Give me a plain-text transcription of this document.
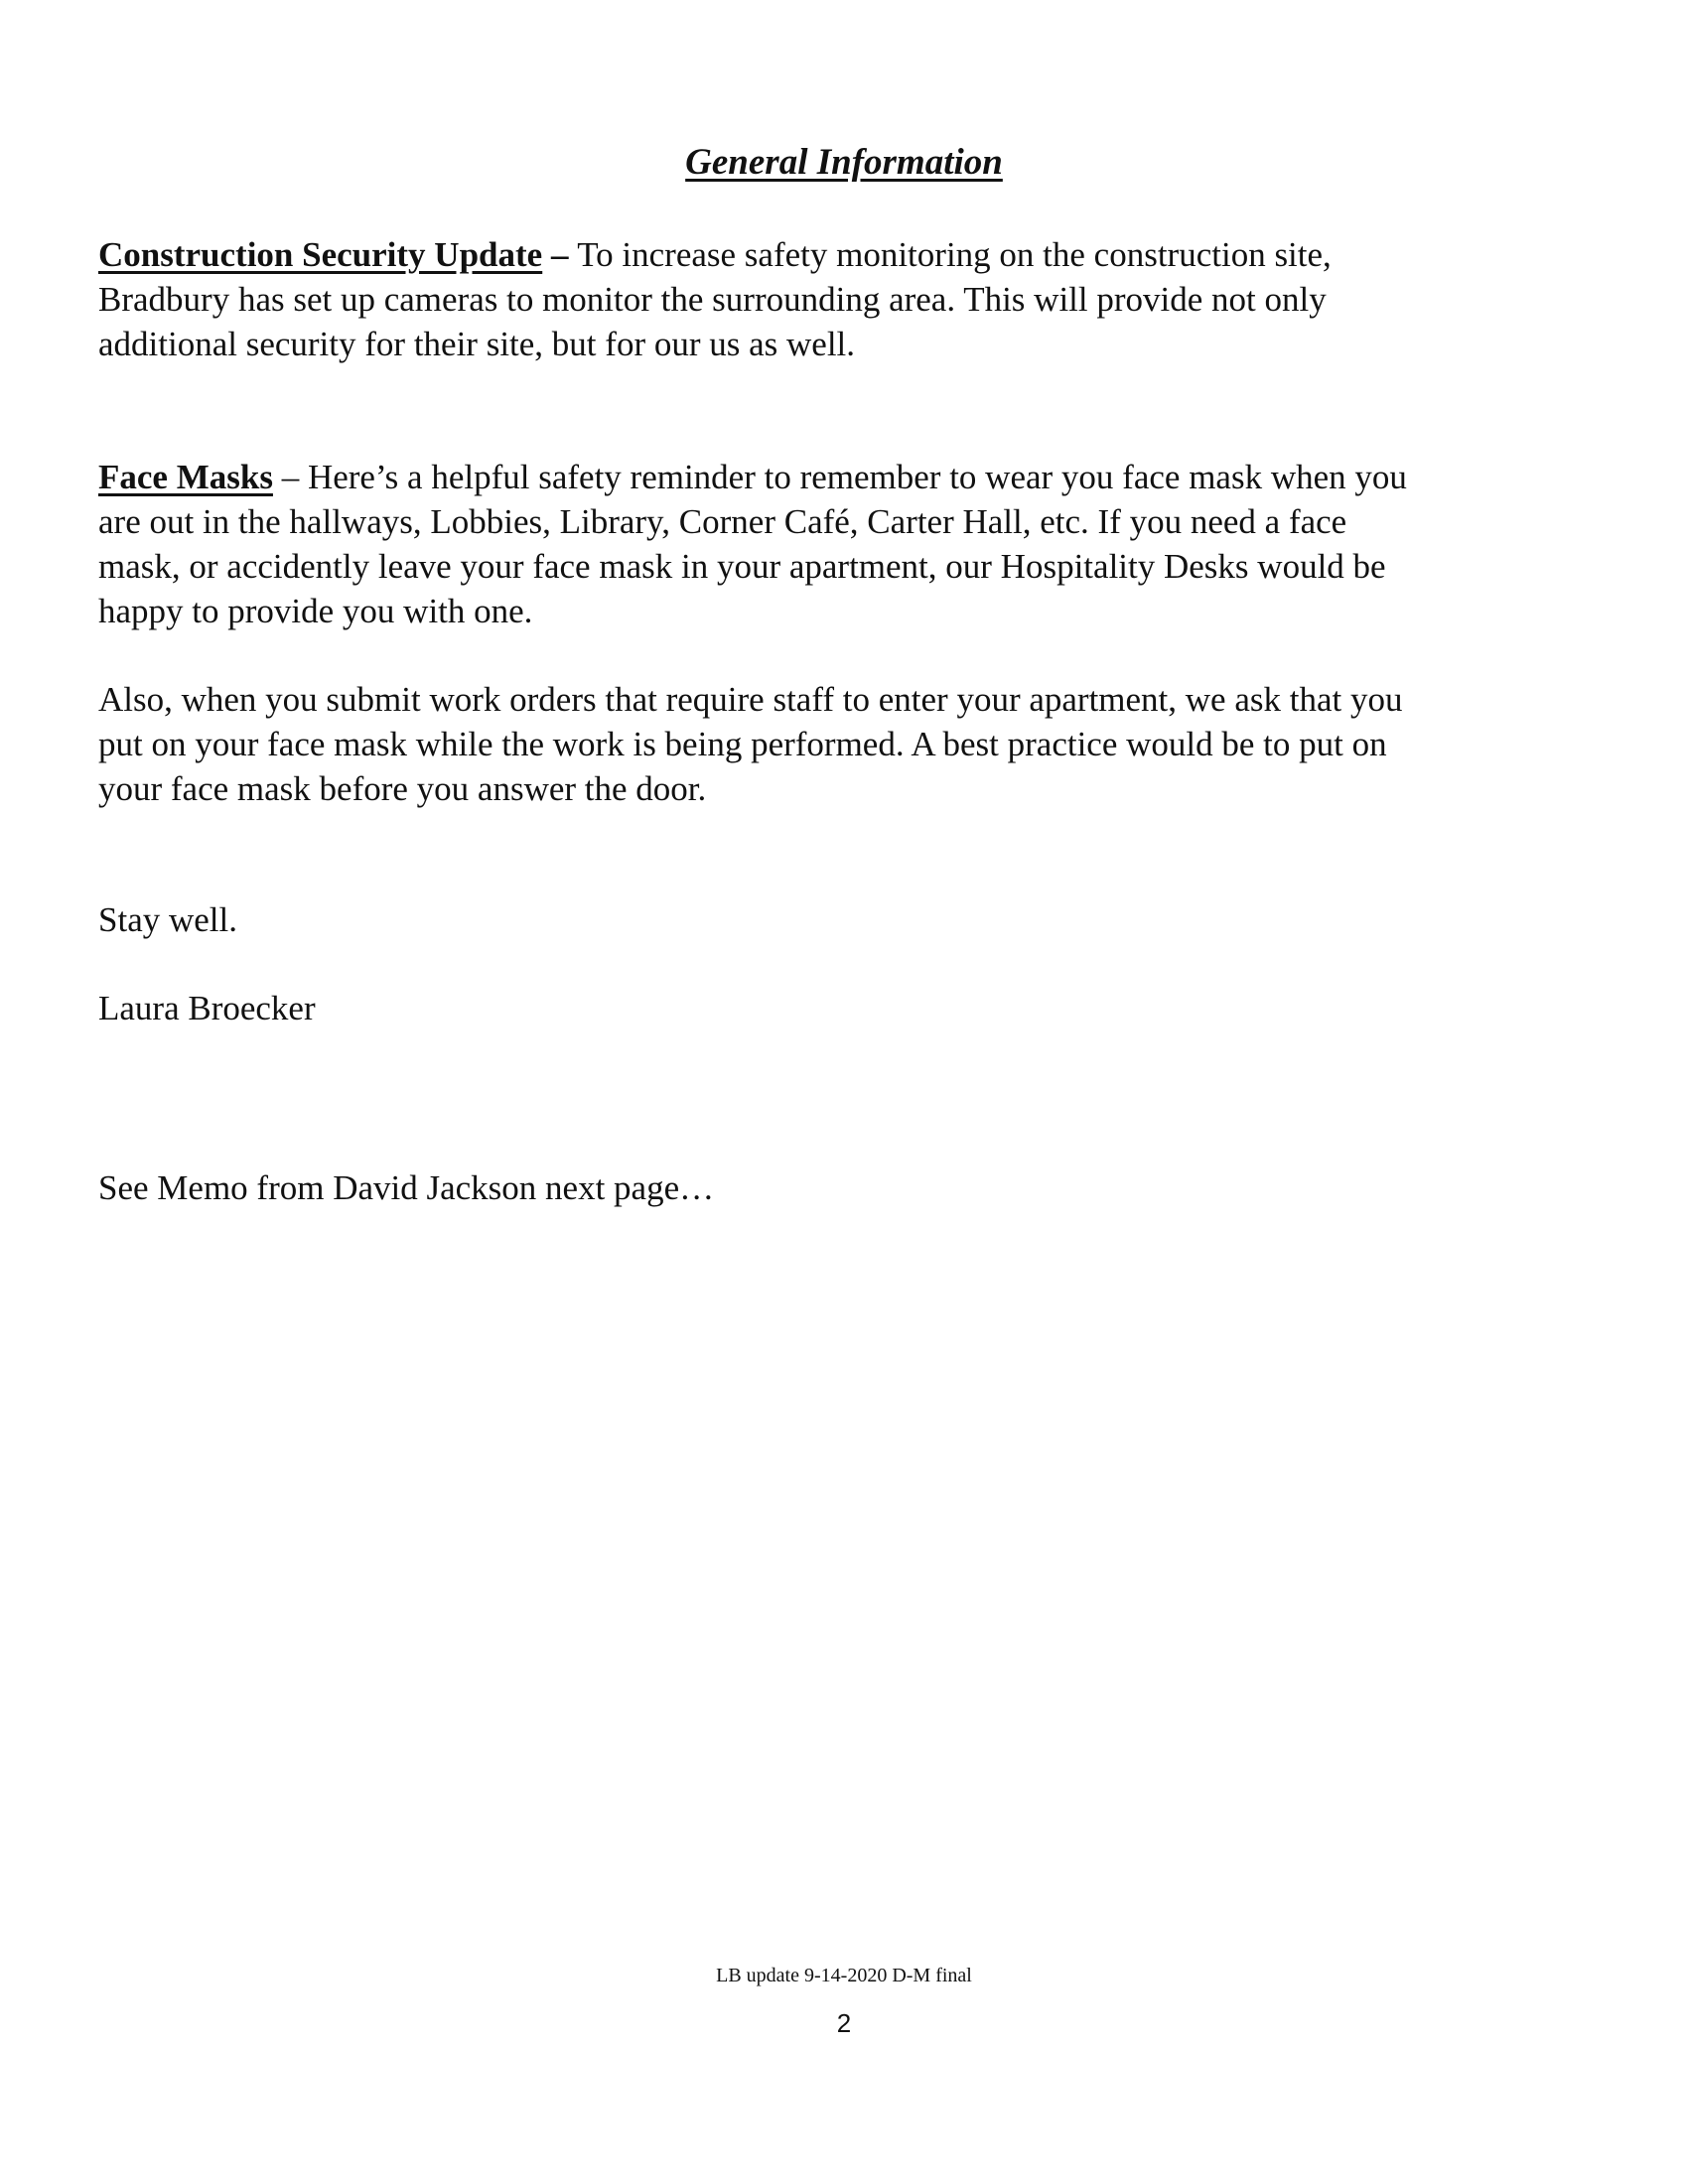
General Information
Construction Security Update – To increase safety monitoring on the construction site,
Bradbury has set up cameras to monitor the surrounding area. This will provide not only
additional security for their site, but for our us as well.
Face Masks – Here’s a helpful safety reminder to remember to wear you face mask when you
are out in the hallways, Lobbies, Library, Corner Café, Carter Hall, etc. If you need a face
mask, or accidently leave your face mask in your apartment, our Hospitality Desks would be
happy to provide you with one.
Also, when you submit work orders that require staff to enter your apartment, we ask that you
put on your face mask while the work is being performed. A best practice would be to put on
your face mask before you answer the door.
Stay well.
Laura Broecker
See Memo from David Jackson next page…
LB update 9-14-2020 D-M final
2
